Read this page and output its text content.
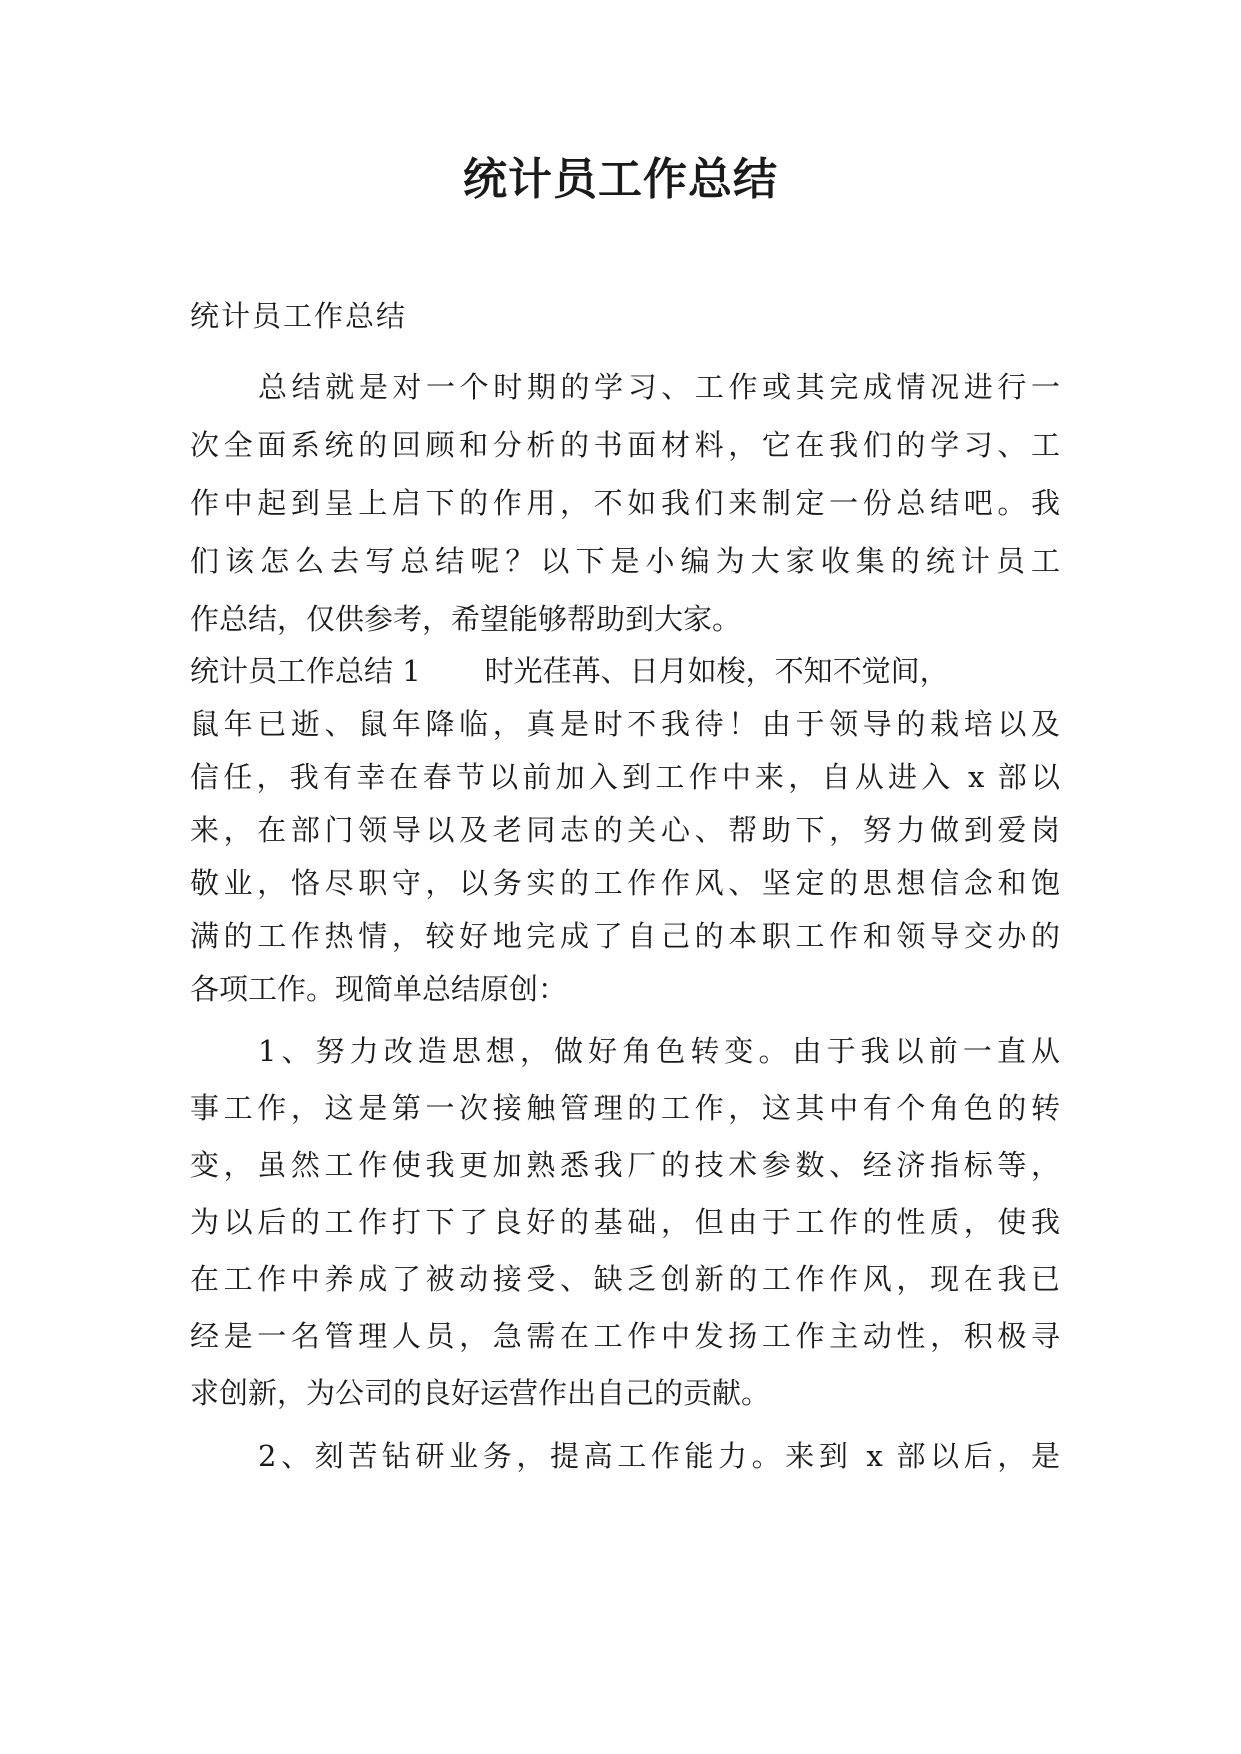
统计员工作总结
统计员工作总结
总结就是对一个时期的学习、工作或其完成情况进行一
次全面系统的回顾和分析的书面材料，它在我们的学习、工
作中起到呈上启下的作用，不如我们来制定一份总结吧。我
们该怎么去写总结呢？以下是小编为大家收集的统计员工
作总结，仅供参考，希望能够帮助到大家。
统计员工作总结 1 时光荏苒、日月如梭，不知不觉间，
鼠年已逝、鼠年降临，真是时不我待！由于领导的栽培以及
信任，我有幸在春节以前加入到工作中来，自从进入 x 部以
来，在部门领导以及老同志的关心、帮助下，努力做到爱岗
敬业，恪尽职守，以务实的工作作风、坚定的思想信念和饱
满的工作热情，较好地完成了自己的本职工作和领导交办的
各项工作。现简单总结原创：
1、努力改造思想，做好角色转变。由于我以前一直从
事工作，这是第一次接触管理的工作，这其中有个角色的转
变，虽然工作使我更加熟悉我厂的技术参数、经济指标等，
为以后的工作打下了良好的基础，但由于工作的性质，使我
在工作中养成了被动接受、缺乏创新的工作作风，现在我已
经是一名管理人员，急需在工作中发扬工作主动性，积极寻
求创新，为公司的良好运营作出自己的贡献。
2、刻苦钻研业务，提高工作能力。来到 x 部以后，是
